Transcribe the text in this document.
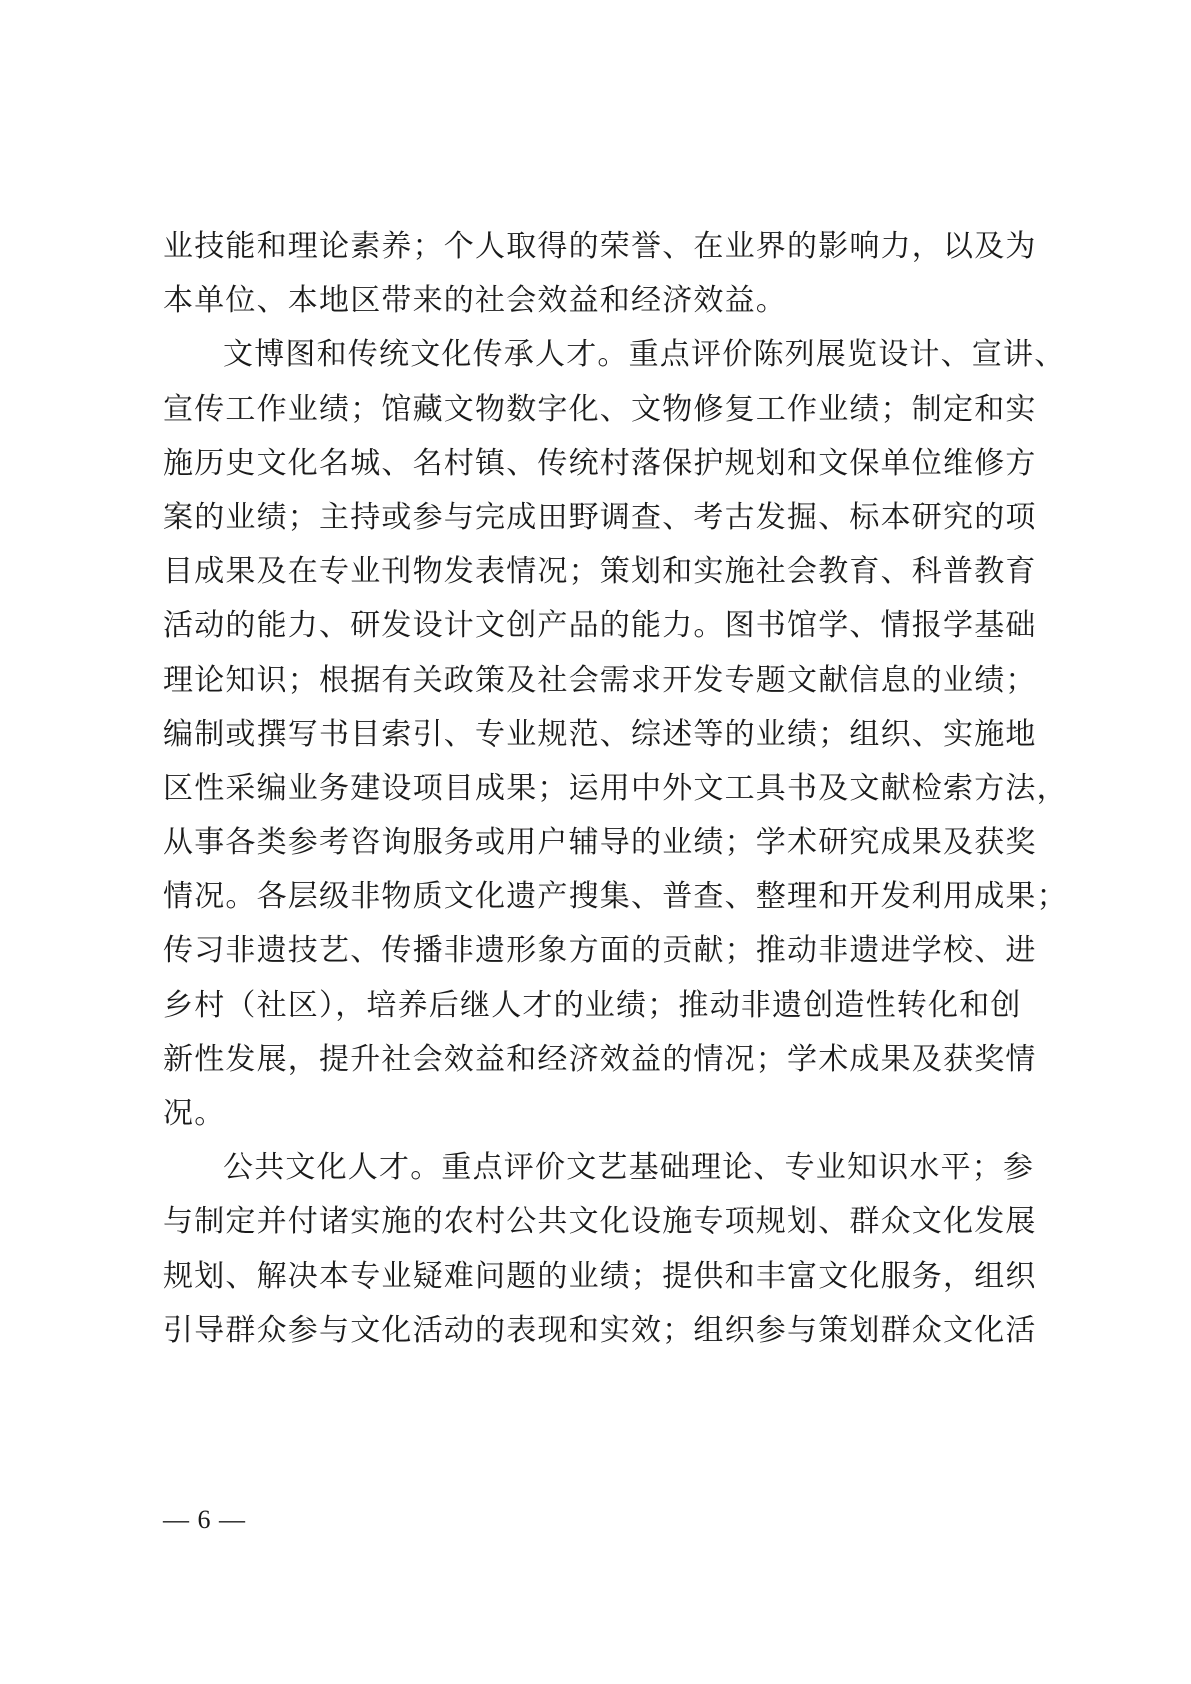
业技能和理论素养；个人取得的荣誉、在业界的影响力，以及为
本单位、本地区带来的社会效益和经济效益。
文博图和传统文化传承人才。重点评价陈列展览设计、宣讲、
宣传工作业绩；馆藏文物数字化、文物修复工作业绩；制定和实
施历史文化名城、名村镇、传统村落保护规划和文保单位维修方
案的业绩；主持或参与完成田野调查、考古发掘、标本研究的项
目成果及在专业刊物发表情况；策划和实施社会教育、科普教育
活动的能力、研发设计文创产品的能力。图书馆学、情报学基础
理论知识；根据有关政策及社会需求开发专题文献信息的业绩；
编制或撰写书目索引、专业规范、综述等的业绩；组织、实施地
区性采编业务建设项目成果；运用中外文工具书及文献检索方法，
从事各类参考咨询服务或用户辅导的业绩；学术研究成果及获奖
情况。各层级非物质文化遗产搜集、普查、整理和开发利用成果；
传习非遗技艺、传播非遗形象方面的贡献；推动非遗进学校、进
乡村（社区），培养后继人才的业绩；推动非遗创造性转化和创
新性发展，提升社会效益和经济效益的情况；学术成果及获奖情
况。
公共文化人才。重点评价文艺基础理论、专业知识水平；参
与制定并付诸实施的农村公共文化设施专项规划、群众文化发展
规划、解决本专业疑难问题的业绩；提供和丰富文化服务，组织
引导群众参与文化活动的表现和实效；组织参与策划群众文化活
— 6 —
